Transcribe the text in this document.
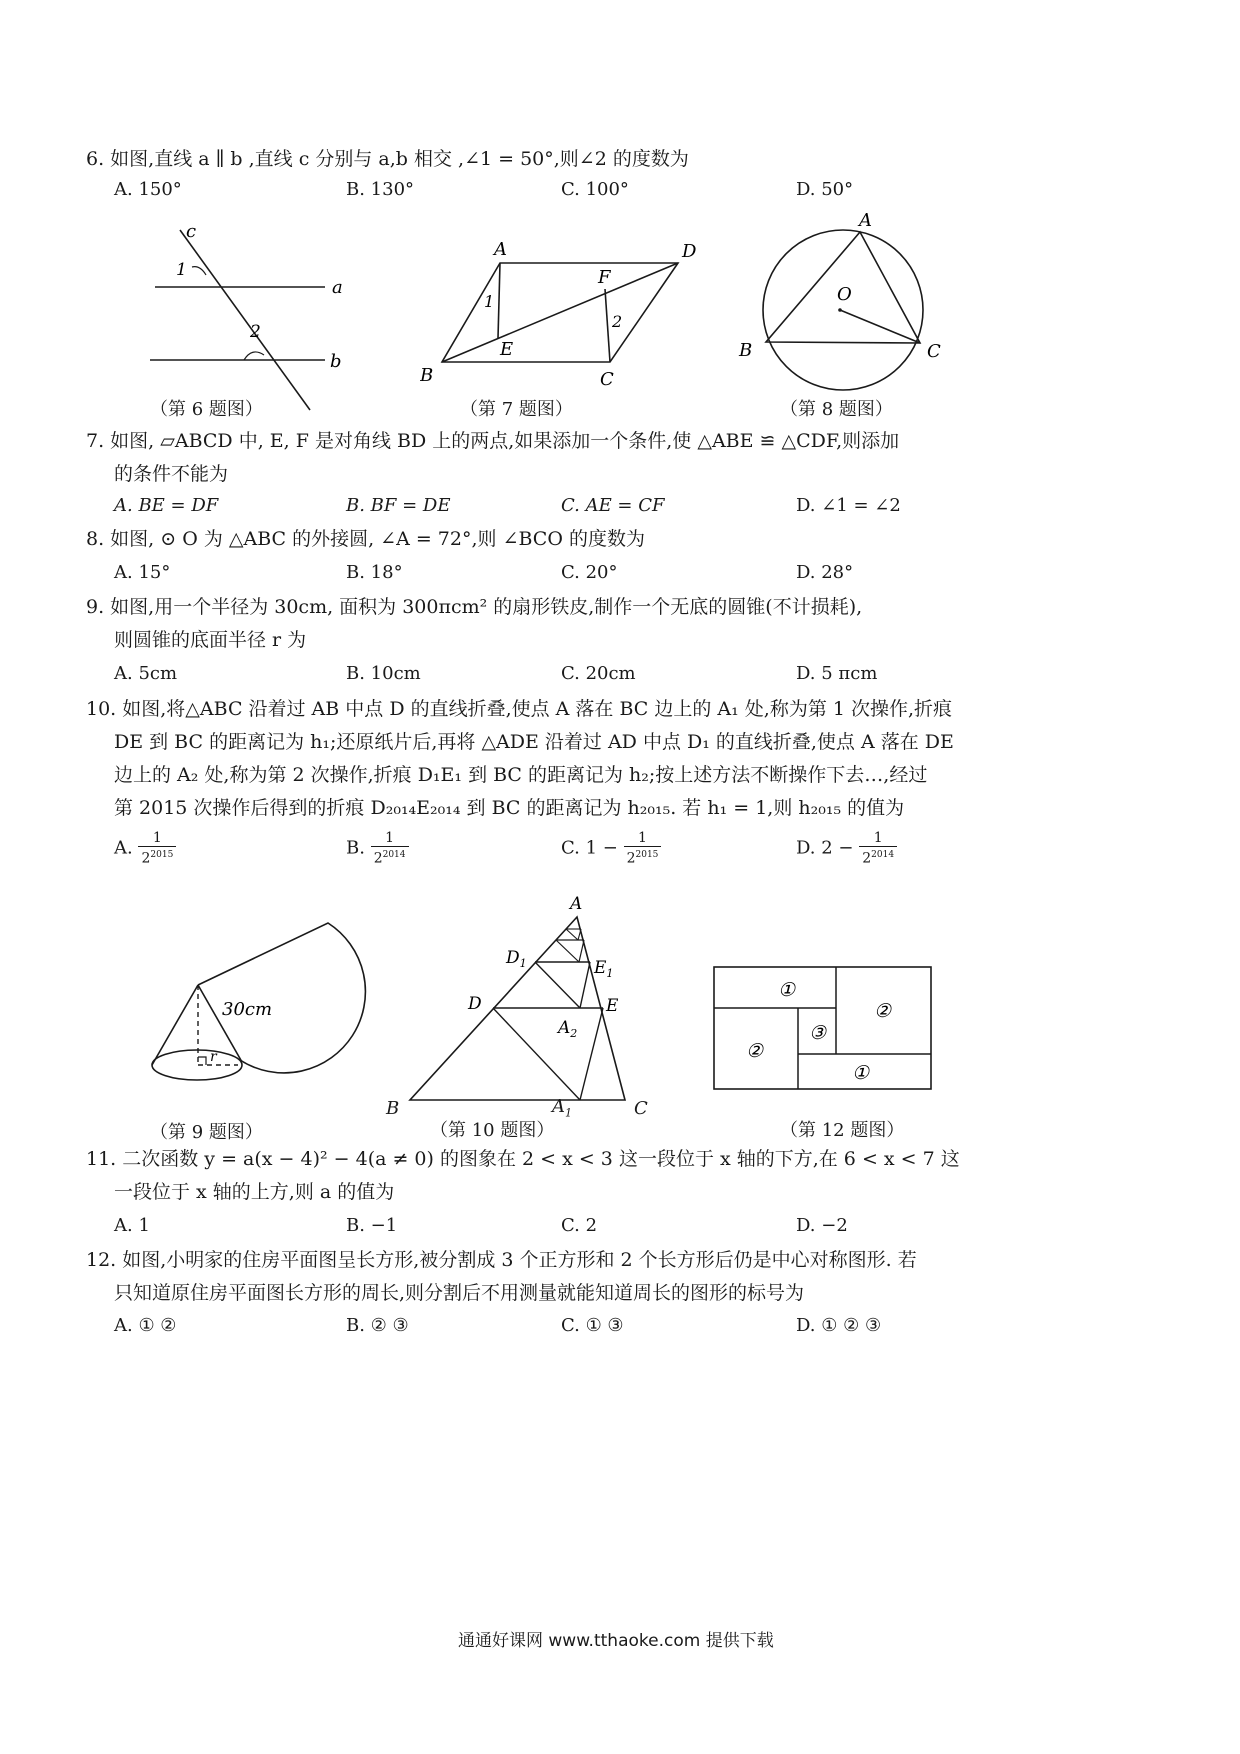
6. 如图,直线 a ∥ b ,直线 c 分别与 a,b 相交 ,∠1 = 50°,则∠2 的度数为
A. 150°	B. 130°	C. 100°	D. 50°
c
1
a
2
b
（第 6 题图）
A	D
F
1
2
E
B	C
（第 7 题图）
A
O
B	C
（第 8 题图）
7. 如图, ▱ABCD 中, E, F 是对角线 BD 上的两点,如果添加一个条件,使 △ABE ≌ △CDF,则添加
的条件不能为
A. BE = DF	B. BF = DE	C. AE = CF	D. ∠1 = ∠2
8. 如图, ⊙ O 为 △ABC 的外接圆, ∠A = 72°,则 ∠BCO 的度数为
A. 15°	B. 18°	C. 20°	D. 28°
9. 如图,用一个半径为 30cm, 面积为 300πcm² 的扇形铁皮,制作一个无底的圆锥(不计损耗),
则圆锥的底面半径 r 为
A. 5cm	B. 10cm	C. 20cm	D. 5 πcm
10. 如图,将△ABC 沿着过 AB 中点 D 的直线折叠,使点 A 落在 BC 边上的 A₁ 处,称为第 1 次操作,折痕
DE 到 BC 的距离记为 h₁;还原纸片后,再将 △ADE 沿着过 AD 中点 D₁ 的直线折叠,使点 A 落在 DE
边上的 A₂ 处,称为第 2 次操作,折痕 D₁E₁ 到 BC 的距离记为 h₂;按上述方法不断操作下去…,经过
第 2015 次操作后得到的折痕 D₂₀₁₄E₂₀₁₄ 到 BC 的距离记为 h₂₀₁₅. 若 h₁ = 1,则 h₂₀₁₅ 的值为
A. $\frac{1}{2^{2015}}$	B. $\frac{1}{2^{2014}}$	C. $1 - \frac{1}{2^{2015}}$	D. $2 - \frac{1}{2^{2014}}$
30cm
r
（第 9 题图）
A
$D_1$	$E_1$
D	E
$A_2$
B	$A_1$	C
（第 10 题图）
①
②
③
②
①
（第 12 题图）
11. 二次函数 y = a(x − 4)² − 4(a ≠ 0) 的图象在 2 < x < 3 这一段位于 x 轴的下方,在 6 < x < 7 这
一段位于 x 轴的上方,则 a 的值为
A. 1	B. −1	C. 2	D. −2
12. 如图,小明家的住房平面图呈长方形,被分割成 3 个正方形和 2 个长方形后仍是中心对称图形. 若
只知道原住房平面图长方形的周长,则分割后不用测量就能知道周长的图形的标号为
A. ① ②	B. ② ③	C. ① ③	D. ① ② ③
通通好课网 www.tthaoke.com 提供下载
